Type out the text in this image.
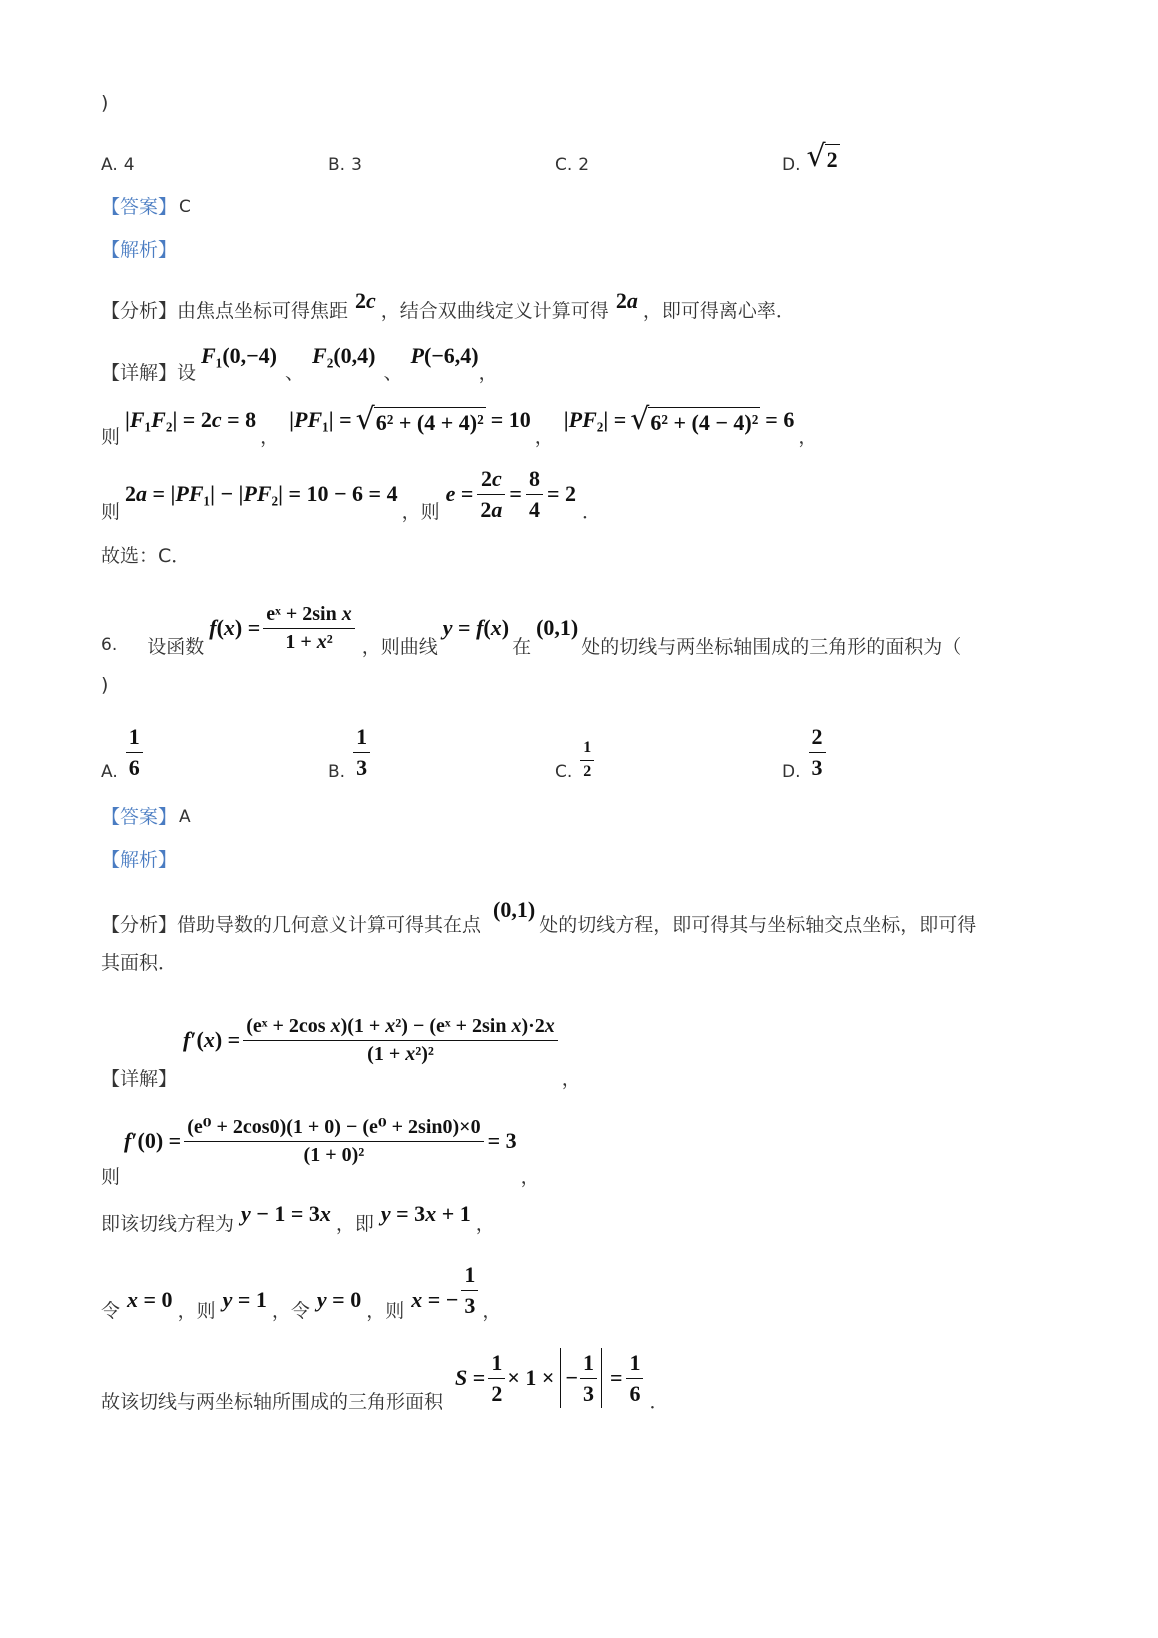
)
A. 4	B. 3	C. 2	D. √ 2
【答案】 C
【解析】
【分析】 由焦点坐标可得焦距 2c ，结合双曲线定义计算可得 2a ，即可得离心率．
【详解】 设
F₁(0,−4)
、
F₂(0,4)
、
P(−6,4)
，
则
|F₁F₂| = 2c = 8
，
|PF₁| = √ 6² + (4 + 4)² = 10
，
|PF₂| = √ 6² + (4 − 4)² = 6
，
则
2a = |PF₁| − |PF₂| = 10 − 6 = 4
，则
$e = \frac{2c}{2a} = \frac{8}{4} = 2$
．
故选：C．
6. 设函数
$f(x) = \frac{\text{eˣ + 2sin x}}{\text{1 + x²}}$ ，则曲线
y = f(x)
在
(0,1)
处的切线与两坐标轴围成的三角形的面积为（
)
A. $\frac{1}{6}$	B. $\frac{1}{3}$	C. $\frac{1}{2}$	D. $\frac{2}{3}$
【答案】 A
【解析】
【分析】 借助导数的几何意义计算可得其在点
(0,1)
处的切线方程，即可得其与坐标轴交点坐标，即可得
其面积．
【详解】
$f'(x) = \frac{\text{(eˣ + 2cos x)(1 + x²) − (eˣ + 2sin x)·2x}}{\text{(1 + x²)²}}$
，
则
$f'(0) = \frac{\text{(e⁰ + 2cos0)(1 + 0) − (e⁰ + 2sin0)×0}}{\text{(1 + 0)²}} = 3$
，
即该切线方程为 y − 1 = 3x ，即 y = 3x + 1 ，
令 x = 0 ，则 y = 1 ，令 y = 0 ，则 x = − $\frac{1}{3}$ ，
故该切线与两坐标轴所围成的三角形面积
$S = \frac{1}{2} \times 1$ × − $\frac{1}{3} = \frac{1}{6}$ ．
